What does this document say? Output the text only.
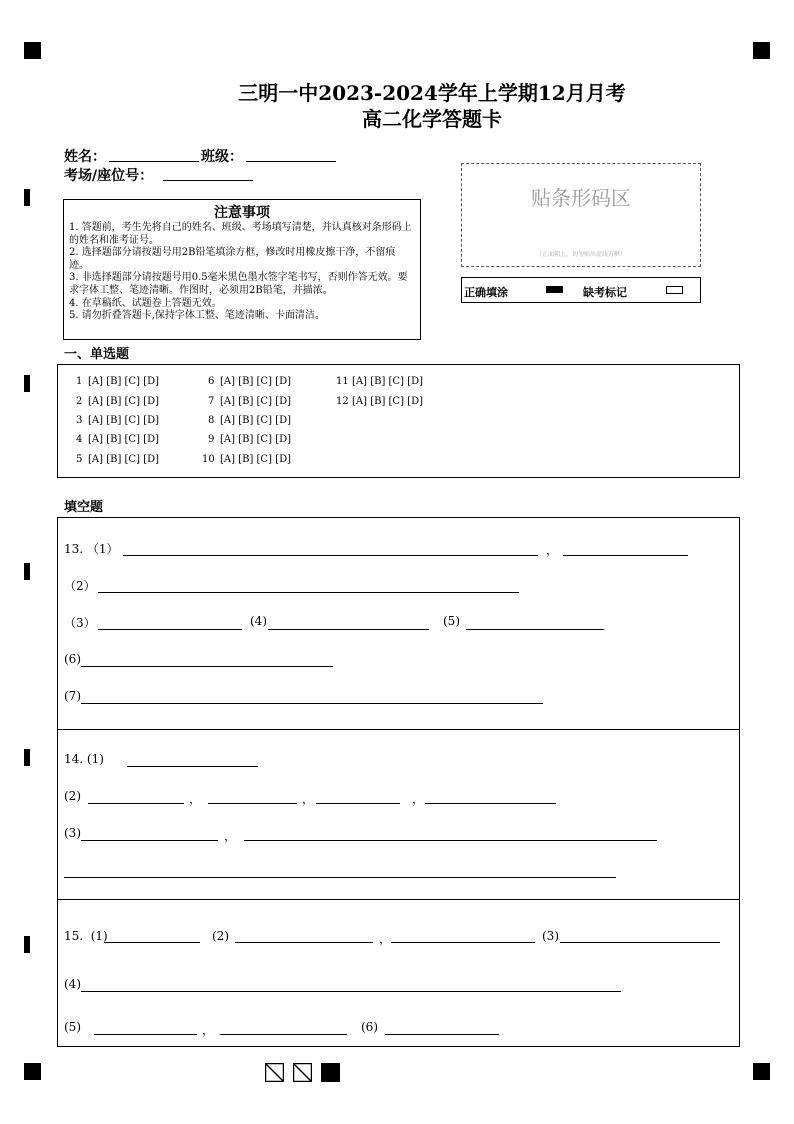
三明一中2023-2024学年上学期12月月考
高二化学答题卡
姓名：	班级：
考场/座位号：
注意事项
1. 答题前，考生先将自己的姓名、班级、考场填写清楚，并认真核对条形码上的姓名和准考证号。
2. 选择题部分请按题号用2B铅笔填涂方框，修改时用橡皮擦干净，不留痕迹。
3. 非选择题部分请按题号用0.5毫米黑色墨水签字笔书写，否则作答无效。要求字体工整、笔迹清晰。作图时，必须用2B铅笔，并描浓。
4. 在草稿纸、试题卷上答题无效。
5. 请勿折叠答题卡,保持字体工整、笔迹清晰、卡面清洁。
贴条形码区
（正面朝上，切勿贴出虚线方框）
正确填涂	缺考标记
一、单选题
1 [A] [B] [C] [D]
2 [A] [B] [C] [D]
3 [A] [B] [C] [D]
4 [A] [B] [C] [D]
5 [A] [B] [C] [D]
6 [A] [B] [C] [D]
7 [A] [B] [C] [D]
8 [A] [B] [C] [D]
9 [A] [B] [C] [D]
10 [A] [B] [C] [D]
11 [A] [B] [C] [D]
12 [A] [B] [C] [D]
填空题
13. （1）	，
（2）
（3）	(4)	(5)
(6)
(7)
14. (1)
(2)	，	，	，
(3)	，
15.  (1)	(2)	，	(3)
(4)
(5)	，	(6)
